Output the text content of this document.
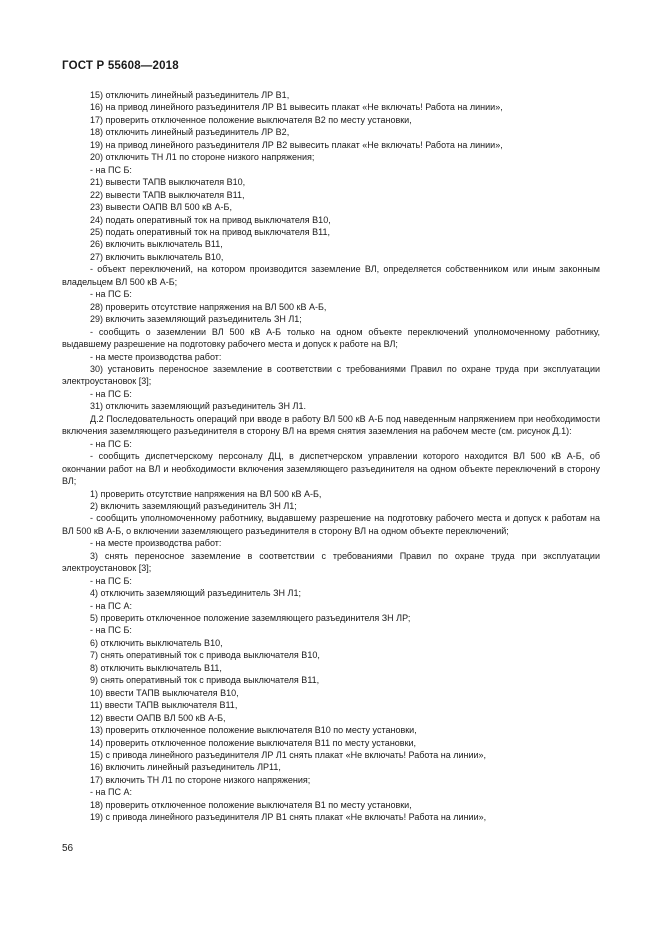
ГОСТ Р 55608—2018

15) отключить линейный разъединитель ЛР В1,

16) на привод линейного разъединителя ЛР В1 вывесить плакат «Не включать! Работа на линии»,

17) проверить отключенное положение выключателя В2 по месту установки,

18) отключить линейный разъединитель ЛР В2,

19) на привод линейного разъединителя ЛР В2 вывесить плакат «Не включать! Работа на линии»,

20) отключить ТН Л1 по стороне низкого напряжения;

- на ПС Б:

21) вывести ТАПВ выключателя В10,

22) вывести ТАПВ выключателя В11,

23) вывести ОАПВ ВЛ 500 кВ А-Б,

24) подать оперативный ток на привод выключателя В10,

25) подать оперативный ток на привод выключателя В11,

26) включить выключатель В11,

27) включить выключатель В10,

- объект переключений, на котором производится заземление ВЛ, определяется собственником или иным законным владельцем ВЛ 500 кВ А-Б;

- на ПС Б:

28) проверить отсутствие напряжения на ВЛ 500 кВ А-Б,

29) включить заземляющий разъединитель ЗН Л1;

- сообщить о заземлении ВЛ 500 кВ А-Б только на одном объекте переключений уполномоченному работнику, выдавшему разрешение на подготовку рабочего места и допуск к работе на ВЛ;

- на месте производства работ:

30) установить переносное заземление в соответствии с требованиями Правил по охране труда при эксплуатации электроустановок [3];

- на ПС Б:

31) отключить заземляющий разъединитель ЗН Л1.

Д.2 Последовательность операций при вводе в работу ВЛ 500 кВ А-Б под наведенным напряжением при необходимости включения заземляющего разъединителя в сторону ВЛ на время снятия заземления на рабочем месте (см. рисунок Д.1):

- на ПС Б:

- сообщить диспетчерскому персоналу ДЦ, в диспетчерском управлении которого находится ВЛ 500 кВ А-Б, об окончании работ на ВЛ и необходимости включения заземляющего разъединителя на одном объекте переключений в сторону ВЛ;

1) проверить отсутствие напряжения на ВЛ 500 кВ А-Б,

2) включить заземляющий разъединитель ЗН Л1;

- сообщить уполномоченному работнику, выдавшему разрешение на подготовку рабочего места и допуск к работам на ВЛ 500 кВ А-Б, о включении заземляющего разъединителя в сторону ВЛ на одном объекте переключений;

- на месте производства работ:

3) снять переносное заземление в соответствии с требованиями Правил по охране труда при эксплуатации электроустановок [3];

- на ПС Б:

4) отключить заземляющий разъединитель ЗН Л1;

- на ПС А:

5) проверить отключенное положение заземляющего разъединителя ЗН ЛР;

- на ПС Б:

6) отключить выключатель В10,

7) снять оперативный ток с привода выключателя В10,

8) отключить выключатель В11,

9) снять оперативный ток с привода выключателя В11,

10) ввести ТАПВ выключателя В10,

11) ввести ТАПВ выключателя В11,

12) ввести ОАПВ ВЛ 500 кВ А-Б,

13) проверить отключенное положение выключателя В10 по месту установки,

14) проверить отключенное положение выключателя В11 по месту установки,

15) с привода линейного разъединителя ЛР Л1 снять плакат «Не включать! Работа на линии»,

16) включить линейный разъединитель ЛР11,

17) включить ТН Л1 по стороне низкого напряжения;

- на ПС А:

18) проверить отключенное положение выключателя В1 по месту установки,

19) с привода линейного разъединителя ЛР В1 снять плакат «Не включать! Работа на линии»,

56
